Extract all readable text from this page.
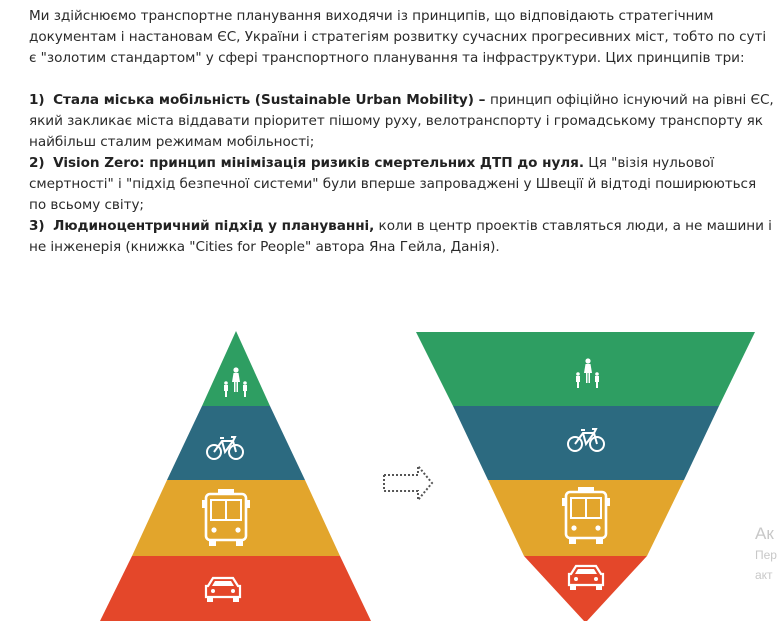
Ми здійснюємо транспортне планування виходячи із принципів, що відповідають стратегічним документам і настановам ЄС, України і стратегіям розвитку сучасних прогресивних міст, тобто по суті є "золотим стандартом" у сфері транспортного планування та інфраструктури. Цих принципів три:

1) Стала міська мобільність (Sustainable Urban Mobility) – принцип офіційно існуючий на рівні ЄС, який закликає міста віддавати пріоритет пішому руху, велотранспорту і громадському транспорту як найбільш сталим режимам мобільності;

2) Vision Zero: принцип мінімізація ризиків смертельних ДТП до нуля. Ця "візія нульової смертності" і "підхід безпечної системи" були вперше запроваджені у Швеції й відтоді поширюються по всьому світу;

3) Людиноцентричний підхід у плануванні, коли в центр проектів ставляться люди, а не машини і не інженерія (книжка "Cities for People" автора Яна Гейла, Данія).

Ак
Пер
акт
